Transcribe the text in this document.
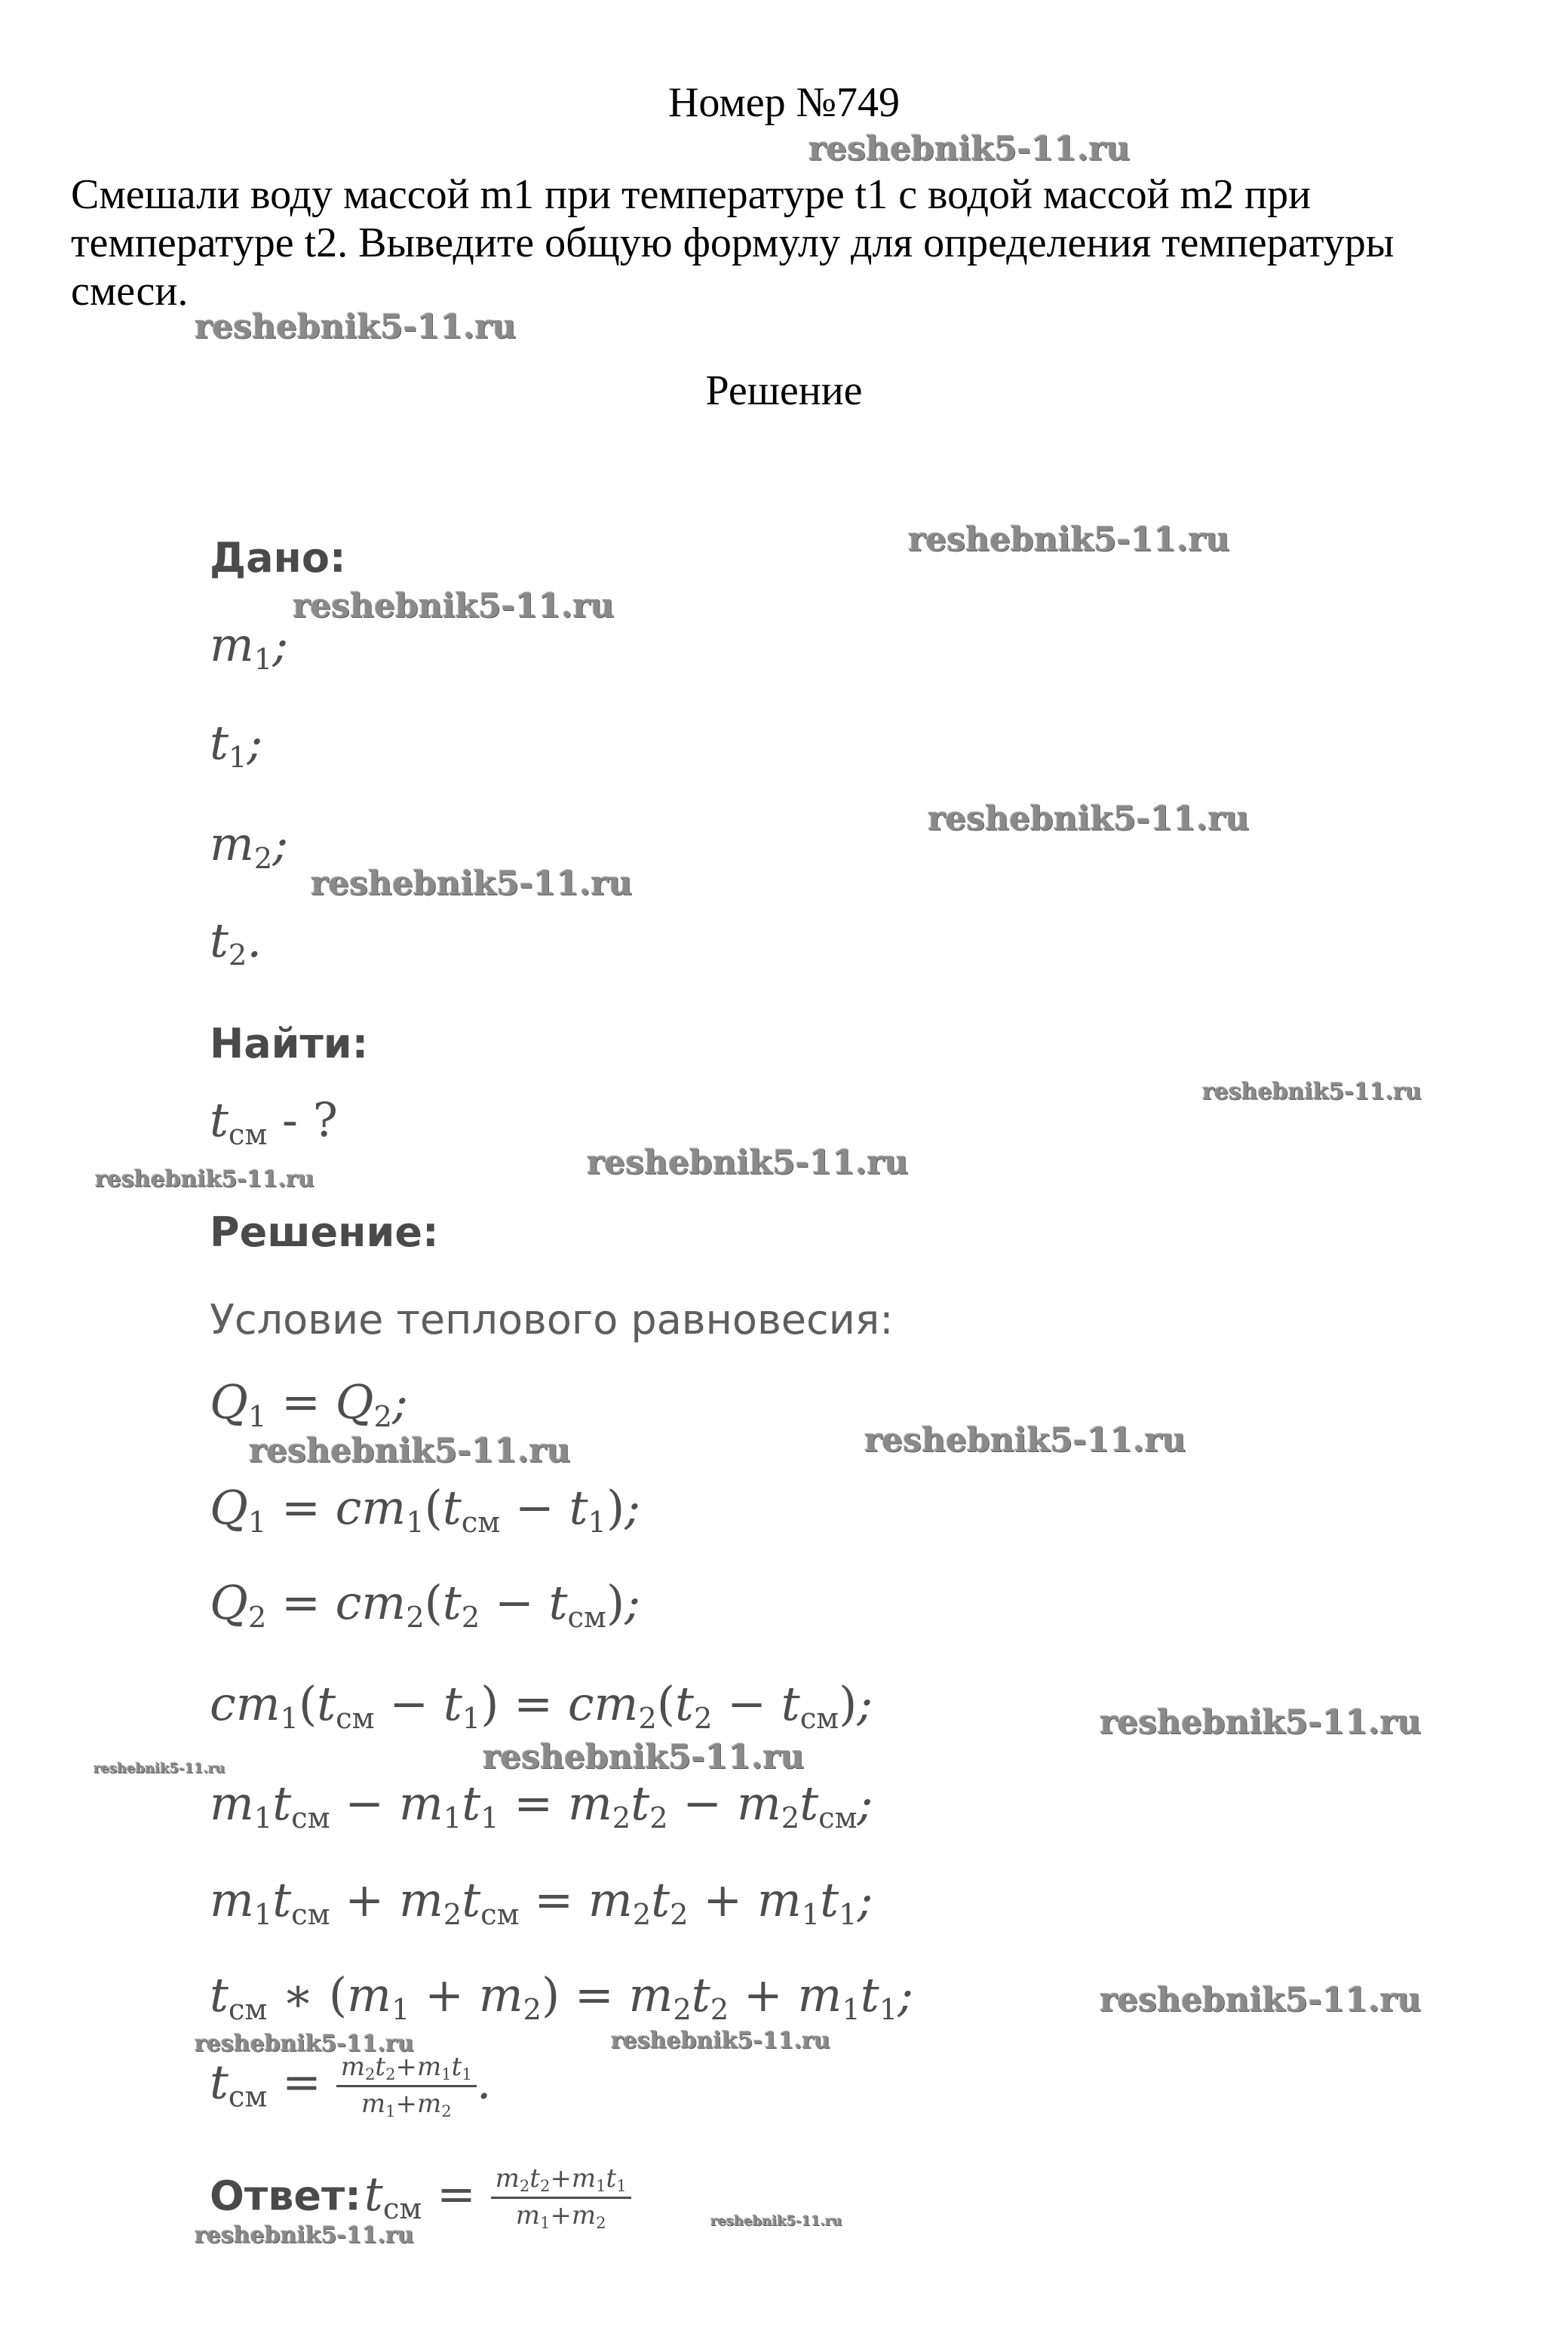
Номер №749
Смешали воду массой m1 при температуре t1 с водой массой m2 при
температуре t2. Выведите общую формулу для определения температуры
смеси.
Решение
Дано:
$m_1$;
$t_1$;
$m_2$;
$t_2$.
Найти:
$t_{см}$ - ?
Решение:
Условие теплового равновесия:
$Q_1 = Q_2$;
$Q_1 = cm_1(t_{см} - t_1)$;
$Q_2 = cm_2(t_2 - t_{см})$;
$cm_1(t_{см} - t_1) = cm_2(t_2 - t_{см})$;
$m_1t_{см} - m_1t_1 = m_2t_2 - m_2t_{см}$;
$m_1t_{см} + m_2t_{см} = m_2t_2 + m_1t_1$;
$t_{см}$ ∗ $(m_1 + m_2) = m_2t_2 + m_1t_1$;
$t_{см} = \frac{m_2t_2+m_1t_1}{m_1+m_2}$ .
Ответ: $t_{см} = \frac{m_2t_2+m_1t_1}{m_1+m_2}$
reshebnik5-11.ru
reshebnik5-11.ru
reshebnik5-11.ru
reshebnik5-11.ru
reshebnik5-11.ru
reshebnik5-11.ru
reshebnik5-11.ru
reshebnik5-11.ru
reshebnik5-11.ru
reshebnik5-11.ru	reshebnik5-11.ru
reshebnik5-11.ru
reshebnik5-11.ru
reshebnik5-11.ru
reshebnik5-11.ru
reshebnik5-11.ru	reshebnik5-11.ru
reshebnik5-11.ru
reshebnik5-11.ru
